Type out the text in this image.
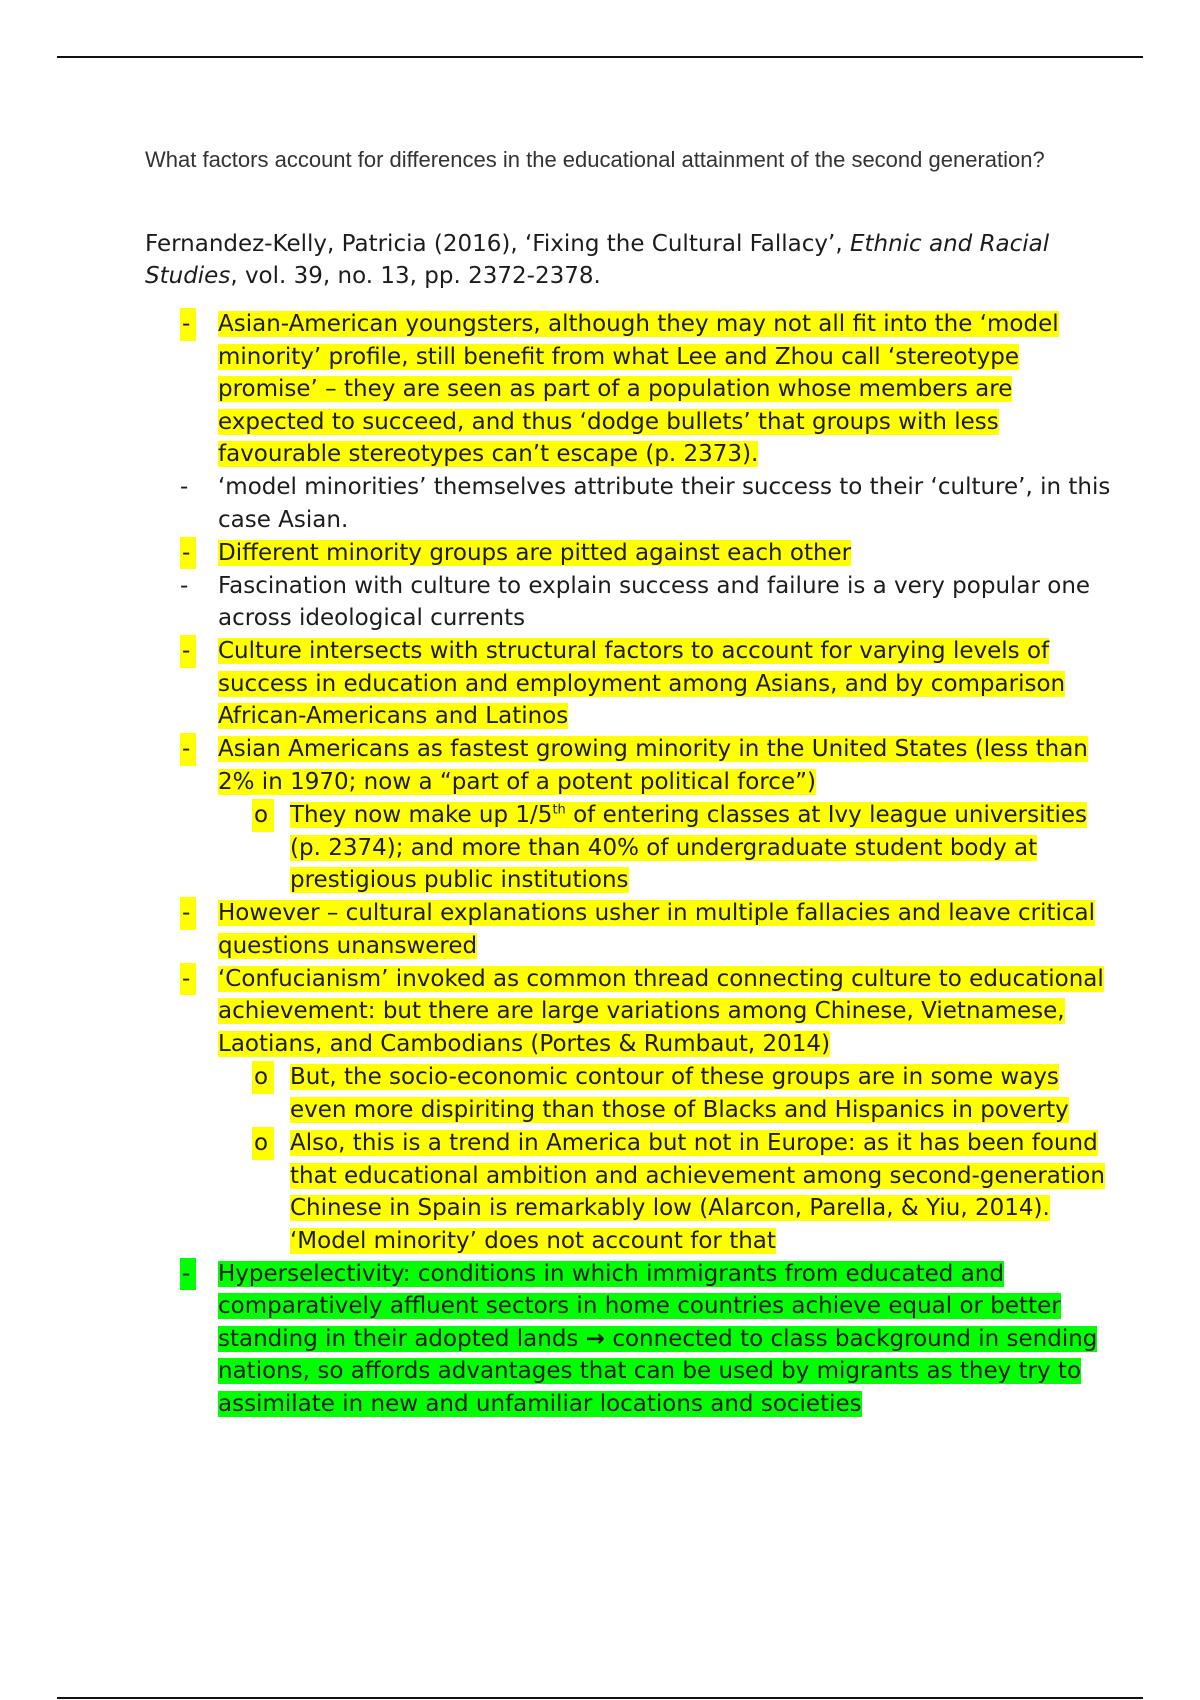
What factors account for differences in the educational attainment of the second generation?

Fernandez-Kelly, Patricia (2016), ‘Fixing the Cultural Fallacy’, Ethnic and Racial Studies, vol. 39, no. 13, pp. 2372-2378.

- Asian-American youngsters, although they may not all fit into the ‘model minority’ profile, still benefit from what Lee and Zhou call ‘stereotype promise’ – they are seen as part of a population whose members are expected to succeed, and thus ‘dodge bullets’ that groups with less favourable stereotypes can’t escape (p. 2373).
-	‘model minorities’ themselves attribute their success to their ‘culture’, in this case Asian.
- Different minority groups are pitted against each other
-	Fascination with culture to explain success and failure is a very popular one across ideological currents
- Culture intersects with structural factors to account for varying levels of success in education and employment among Asians, and by comparison African-Americans and Latinos
- Asian Americans as fastest growing minority in the United States (less than 2% in 1970; now a “part of a potent political force”)
o They now make up 1/5th of entering classes at Ivy league universities (p. 2374); and more than 40% of undergraduate student body at prestigious public institutions
- However – cultural explanations usher in multiple fallacies and leave critical questions unanswered
- ‘Confucianism’ invoked as common thread connecting culture to educational achievement: but there are large variations among Chinese, Vietnamese, Laotians, and Cambodians (Portes & Rumbaut, 2014)
o But, the socio-economic contour of these groups are in some ways even more dispiriting than those of Blacks and Hispanics in poverty
o Also, this is a trend in America but not in Europe: as it has been found that educational ambition and achievement among second-generation Chinese in Spain is remarkably low (Alarcon, Parella, & Yiu, 2014). ‘Model minority’ does not account for that
- Hyperselectivity: conditions in which immigrants from educated and comparatively affluent sectors in home countries achieve equal or better standing in their adopted lands → connected to class background in sending nations, so affords advantages that can be used by migrants as they try to assimilate in new and unfamiliar locations and societies
